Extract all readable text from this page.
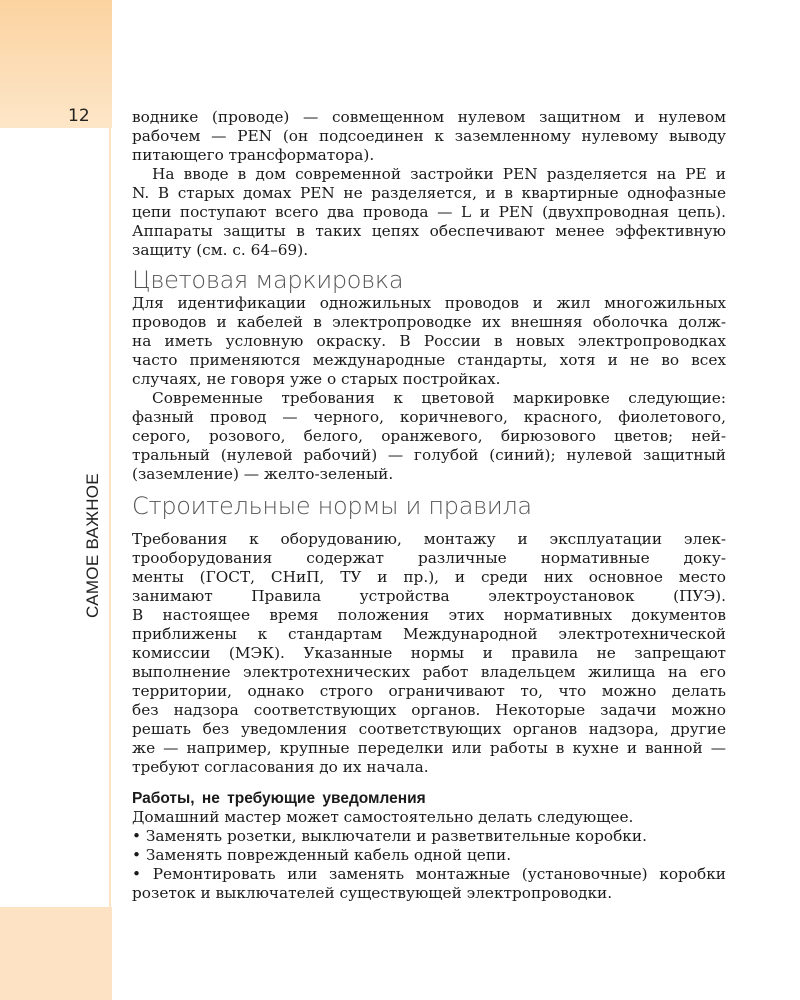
12
САМОЕ ВАЖНОЕ
воднике (проводе) — совмещенном нулевом защитном и нулевом
рабочем — PEN (он подсоединен к заземленному нулевому выводу
питающего трансформатора).
На вводе в дом современной застройки PEN разделяется на PE и
N. В старых домах PEN не разделяется, и в квартирные однофазные
цепи поступают всего два провода — L и PEN (двухпроводная цепь).
Аппараты защиты в таких цепях обеспечивают менее эффективную
защиту (см. с. 64–69).
Цветовая маркировка
Для идентификации одножильных проводов и жил многожильных
проводов и кабелей в электропроводке их внешняя оболочка долж-
на иметь условную окраску. В России в новых электропроводках
часто применяются международные стандарты, хотя и не во всех
случаях, не говоря уже о старых постройках.
Современные требования к цветовой маркировке следующие:
фазный провод — черного, коричневого, красного, фиолетового,
серого, розового, белого, оранжевого, бирюзового цветов; ней-
тральный (нулевой рабочий) — голубой (синий); нулевой защитный
(заземление) — желто-зеленый.
Строительные нормы и правила
Требования к оборудованию, монтажу и эксплуатации элек-
трооборудования содержат различные нормативные доку-
менты (ГОСТ, СНиП, ТУ и пр.), и среди них основное место
занимают Правила устройства электроустановок (ПУЭ).
В настоящее время положения этих нормативных документов
приближены к стандартам Международной электротехнической
комиссии (МЭК). Указанные нормы и правила не запрещают
выполнение электротехнических работ владельцем жилища на его
территории, однако строго ограничивают то, что можно делать
без надзора соответствующих органов. Некоторые задачи можно
решать без уведомления соответствующих органов надзора, другие
же — например, крупные переделки или работы в кухне и ванной —
требуют согласования до их начала.
Работы, не требующие уведомления
Домашний мастер может самостоятельно делать следующее.
• Заменять розетки, выключатели и разветвительные коробки.
• Заменять поврежденный кабель одной цепи.
• Ремонтировать или заменять монтажные (установочные) коробки
розеток и выключателей существующей электропроводки.
